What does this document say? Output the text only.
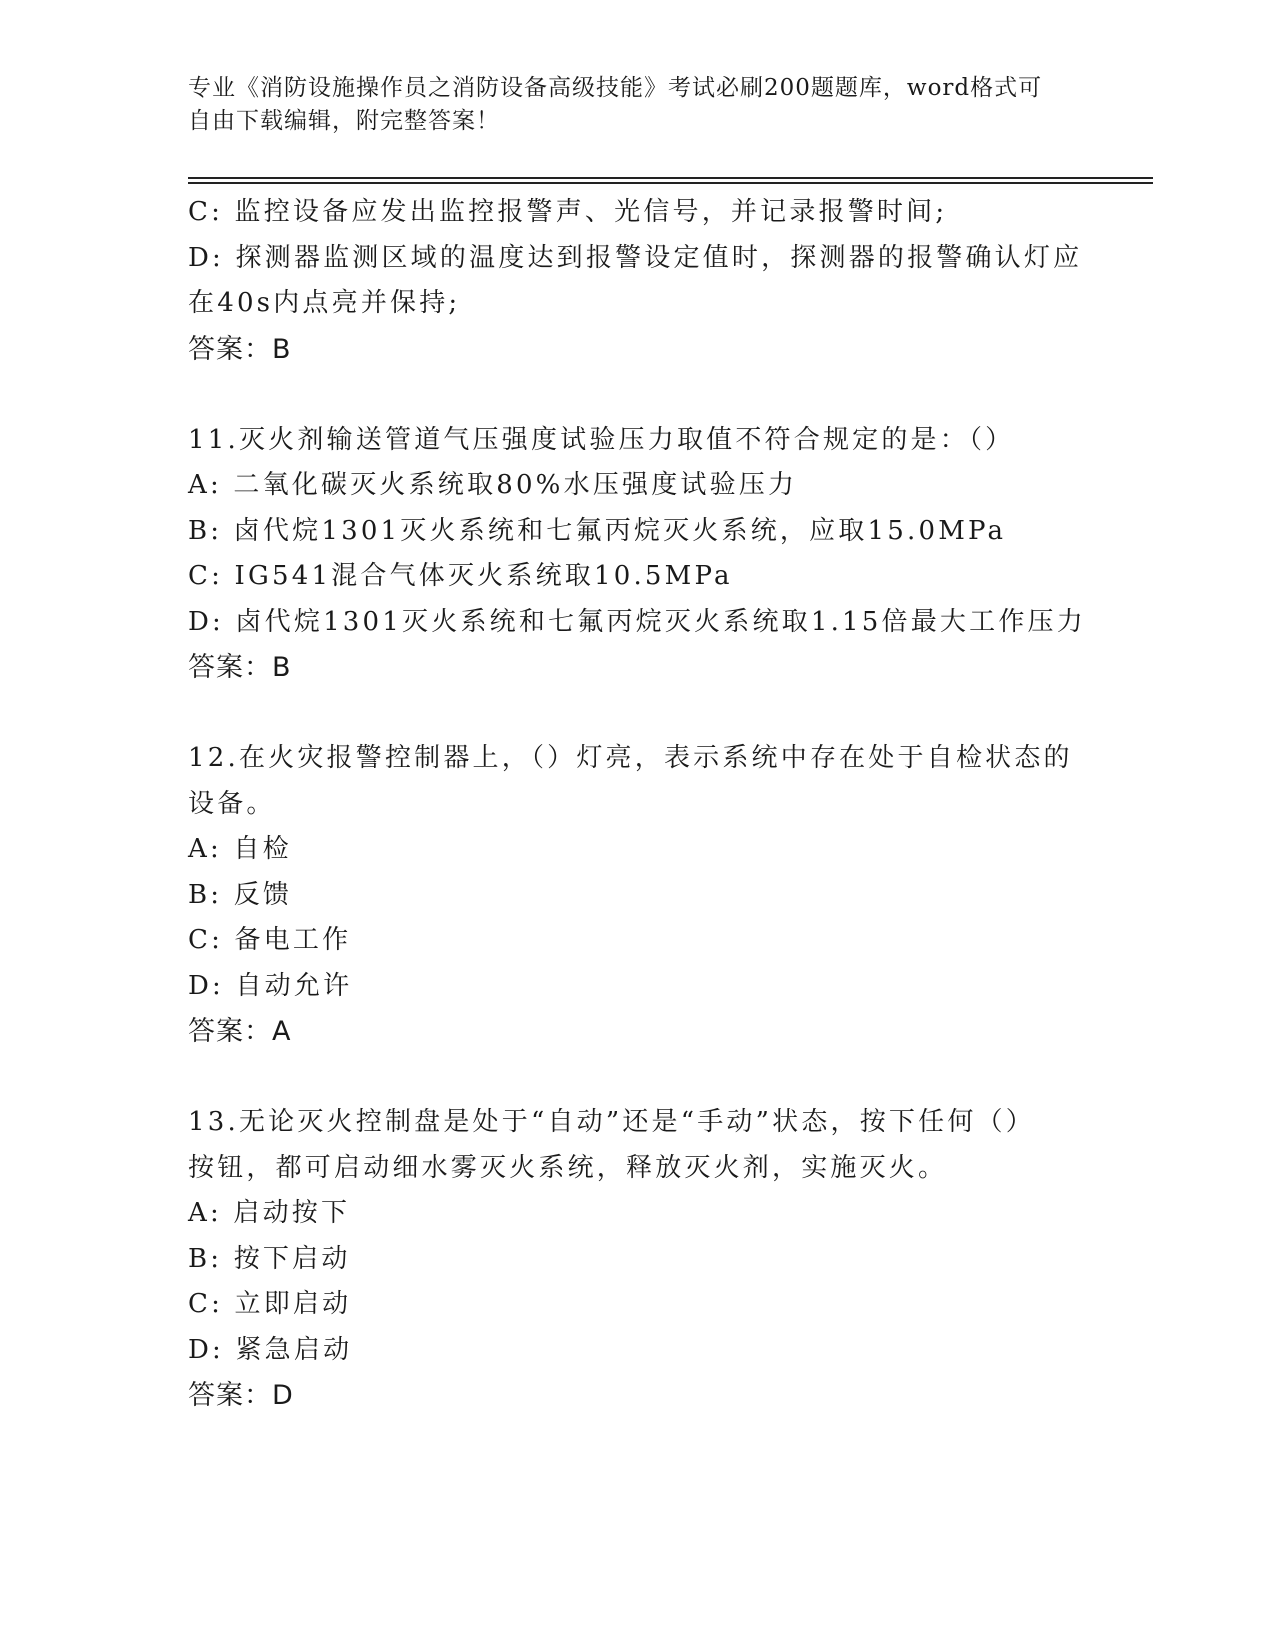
专业《消防设施操作员之消防设备高级技能》考试必刷200题题库，word格式可
自由下载编辑，附完整答案！
C: 监控设备应发出监控报警声、光信号，并记录报警时间;
D: 探测器监测区域的温度达到报警设定值时，探测器的报警确认灯应
在40s内点亮并保持;
答案：B
11.灭火剂输送管道气压强度试验压力取值不符合规定的是：（）
A: 二氧化碳灭火系统取80%水压强度试验压力
B: 卤代烷1301灭火系统和七氟丙烷灭火系统，应取15.0MPa
C: IG541混合气体灭火系统取10.5MPa
D: 卤代烷1301灭火系统和七氟丙烷灭火系统取1.15倍最大工作压力
答案：B
12.在火灾报警控制器上，（）灯亮，表示系统中存在处于自检状态的
设备。
A: 自检
B: 反馈
C: 备电工作
D: 自动允许
答案：A
13.无论灭火控制盘是处于“自动”还是“手动”状态，按下任何（）
按钮，都可启动细水雾灭火系统，释放灭火剂，实施灭火。
A: 启动按下
B: 按下启动
C: 立即启动
D: 紧急启动
答案：D
